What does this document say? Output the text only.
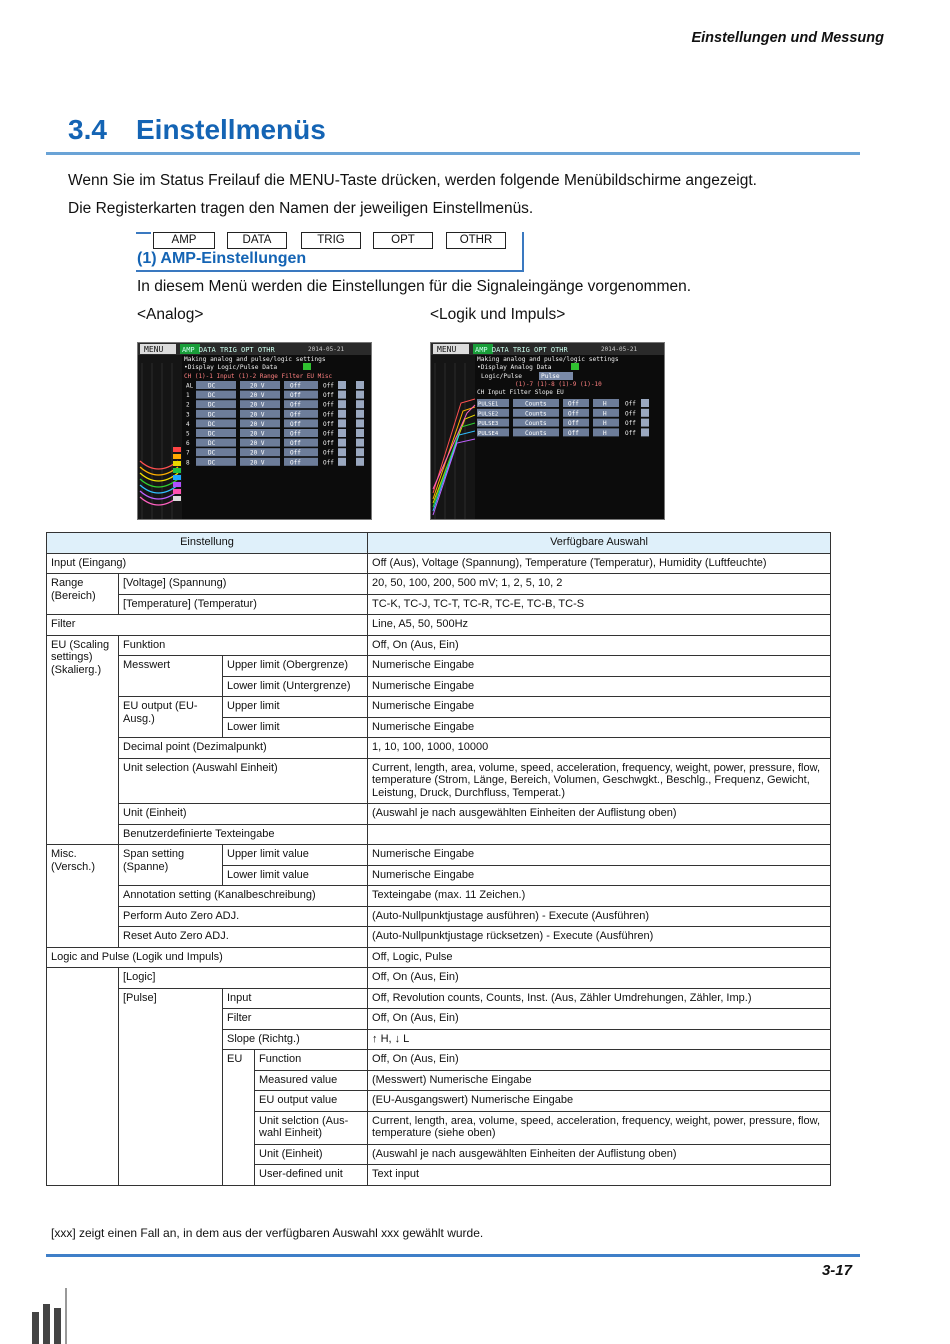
Einstellungen und Messung
3.4 Einstellmenüs
Wenn Sie im Status Freilauf die MENU-Taste drücken, werden folgende Menübildschirme angezeigt.
Die Registerkarten tragen den Namen der jeweiligen Einstellmenüs.
AMP	DATA	TRIG	OPT	OTHR
(1) AMP-Einstellungen
In diesem Menü werden die Einstellungen für die Signaleingänge vorgenommen.
<Analog>	<Logik und Impuls>
MENU	AMP DATA TRIG OPT OTHR	2014-05-21
Making analog and pulse/logic settings
•Display Logic/Pulse Data
CH (1)-1 Input (1)-2 Range Filter EU Misc
AL DC	20 V	Off	Off
1	DC	20 V	Off	Off
2	DC	20 V	Off	Off
3	DC	20 V	Off	Off
4	DC	20 V	Off	Off
5	DC	20 V	Off	Off
6	DC	20 V	Off	Off
7	DC	20 V	Off	Off
8	DC	20 V	Off	Off
MENU	AMP DATA TRIG OPT OTHR	2014-05-21
Making analog and pulse/logic settings
•Display Analog Data
Logic/Pulse	Pulse
(1)-7 (1)-8 (1)-9 (1)-10
CH Input Filter Slope EU
PULSE1	Counts	Off	H	Off
PULSE2	Counts	Off	H	Off
PULSE3	Counts	Off	H	Off
PULSE4	Counts	Off	H	Off
Einstellung				Verfügbare Auswahl
Input (Eingang)				Off (Aus), Voltage (Spannung), Temperature (Temperatur), Humidity (Luftfeuchte)
Range (Bereich)	[Voltage] (Spannung)			20, 50, 100, 200, 500 mV; 1, 2, 5, 10, 2
	[Temperature] (Temperatur)			TC-K, TC-J, TC-T, TC-R, TC-E, TC-B, TC-S
Filter				Line, A5, 50, 500Hz
EU (Scaling settings) (Skalierg.)	Funktion			Off, On (Aus, Ein)
	Messwert	Upper limit (Obergrenze)		Numerische Eingabe
		Lower limit (Untergrenze)		Numerische Eingabe
	EU output (EU-Ausg.)	Upper limit		Numerische Eingabe
		Lower limit		Numerische Eingabe
	Decimal point (Dezimalpunkt)			1, 10, 100, 1000, 10000
	Unit selection (Auswahl Einheit)			Current, length, area, volume, speed, acceleration, frequency, weight, power, pressure, flow, temperature (Strom, Länge, Bereich, Volumen, Geschwgkt., Beschlg., Frequenz, Gewicht, Leistung, Druck, Durchfluss, Temperat.)
	Unit (Einheit)			(Auswahl je nach ausgewählten Einheiten der Auflistung oben)
	Benutzerdefinierte Texteingabe	
Misc. (Versch.)	Span setting (Spanne)	Upper limit value		Numerische Eingabe
		Lower limit value		Numerische Eingabe
	Annotation setting (Kanalbeschreibung)			Texteingabe (max. 11 Zeichen.)
	Perform Auto Zero ADJ.			(Auto-Nullpunktjustage ausführen) - Execute (Ausführen)
	Reset Auto Zero ADJ.			(Auto-Nullpunktjustage rücksetzen) - Execute (Ausführen)
Logic and Pulse (Logik und Impuls)				Off, Logic, Pulse
	[Logic]			Off, On (Aus, Ein)
	[Pulse]	Input		Off, Revolution counts, Counts, Inst. (Aus, Zähler Umdrehungen, Zähler, Imp.)
		Filter		Off, On (Aus, Ein)
		Slope (Richtg.)		↑ H, ↓ L
		EU	Function	Off, On (Aus, Ein)
			Measured value	(Messwert) Numerische Eingabe
			EU output value	(EU-Ausgangswert) Numerische Eingabe
			Unit selction (Aus-wahl Einheit)	Current, length, area, volume, speed, acceleration, frequency, weight, power, pressure, flow, temperature (siehe oben)
			Unit (Einheit)	(Auswahl je nach ausgewählten Einheiten der Auflistung oben)
			User-defined unit	Text input
[xxx] zeigt einen Fall an, in dem aus der verfügbaren Auswahl xxx gewählt wurde.
3-17
